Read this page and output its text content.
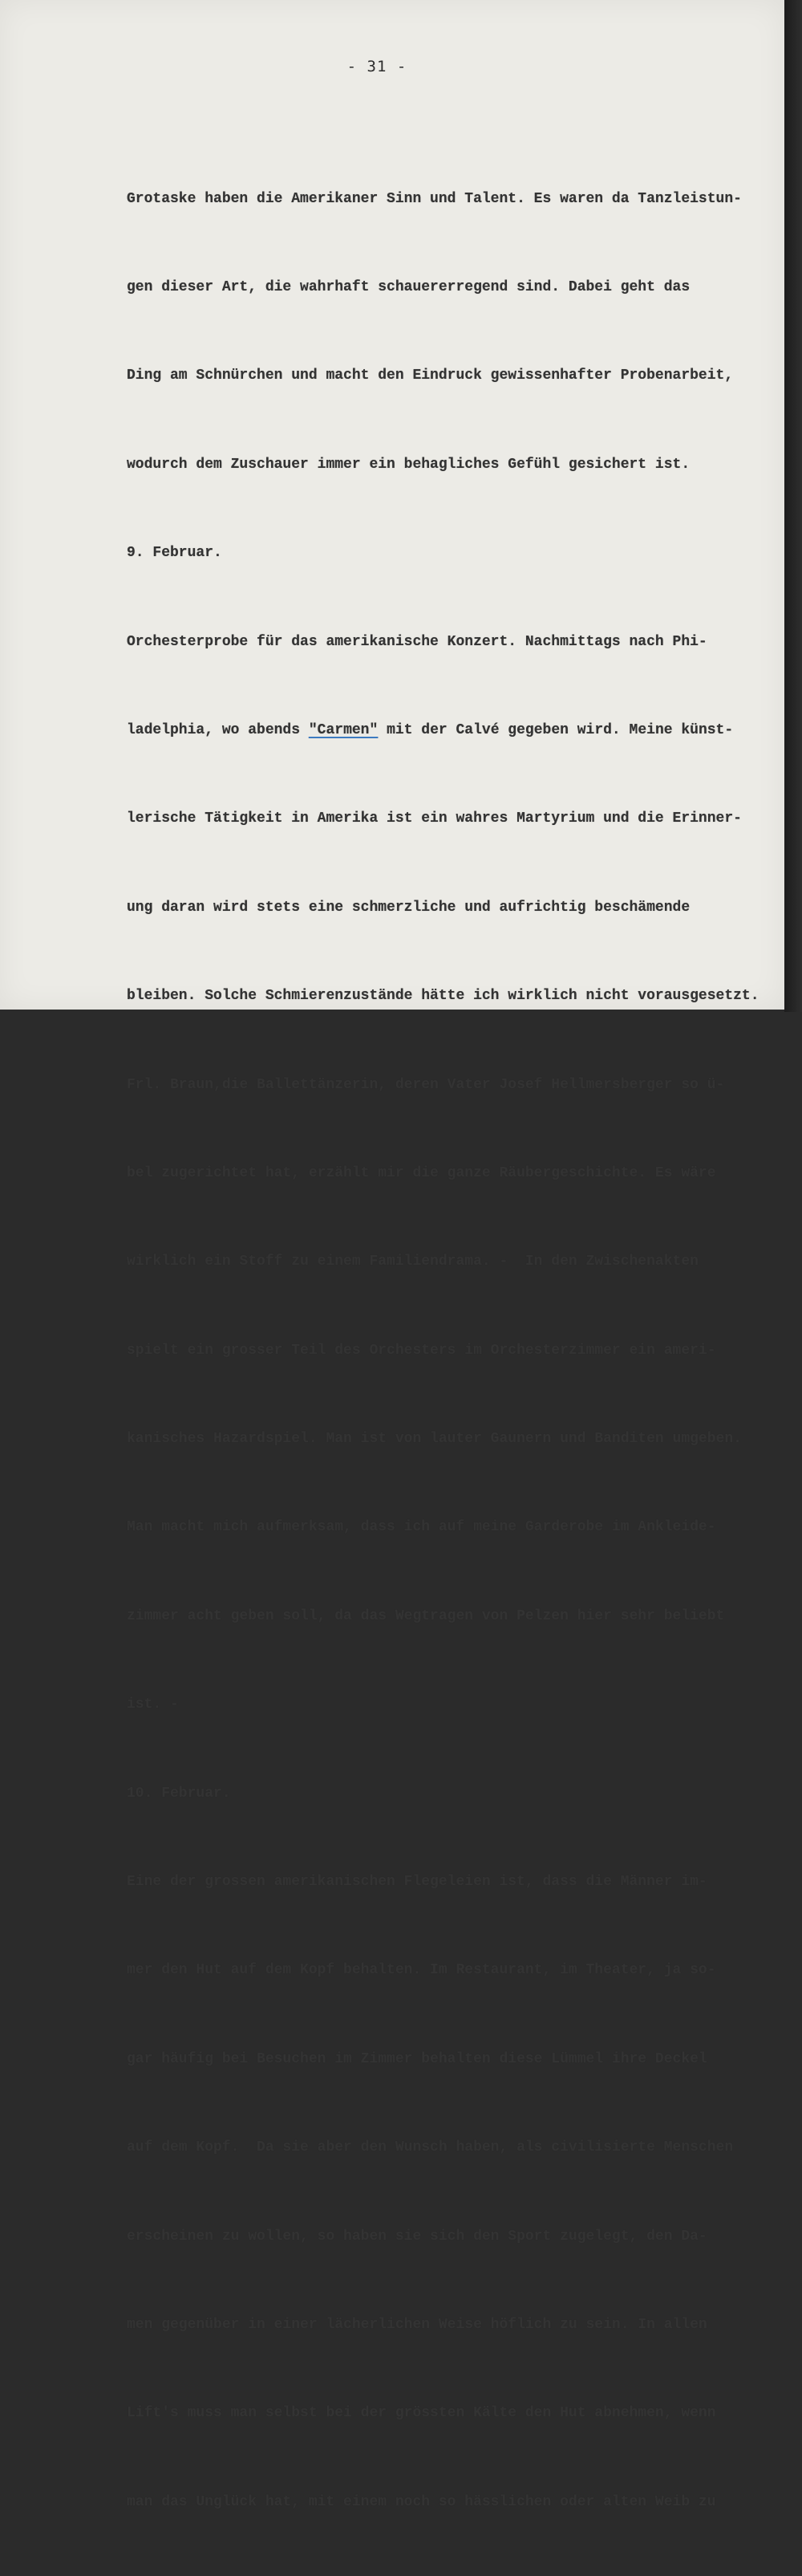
- 31 -

Grotaske haben die Amerikaner Sinn und Talent. Es waren da Tanzleistun-

gen dieser Art, die wahrhaft schauererregend sind. Dabei geht das

Ding am Schnürchen und macht den Eindruck gewissenhafter Probenarbeit,

wodurch dem Zuschauer immer ein behagliches Gefühl gesichert ist.

9. Februar.

Orchesterprobe für das amerikanische Konzert. Nachmittags nach Phi-

ladelphia, wo abends "Carmen" mit der Calvé gegeben wird. Meine künst-

lerische Tätigkeit in Amerika ist ein wahres Martyrium und die Erinner-

ung daran wird stets eine schmerzliche und aufrichtig beschämende

bleiben. Solche Schmierenzustände hätte ich wirklich nicht vorausgesetzt.

Frl. Braun,die Ballettänzerin, deren Vater Josef Hellmersberger so ü-

bel zugerichtet hat, erzählt mir die ganze Räubergeschichte. Es wäre

wirklich ein Stoff zu einem Familiendrama. -  In den Zwischenakten

spielt ein grosser Teil des Orchesters im Orchesterzimmer ein ameri-

kanisches Hazardspiel. Man ist von lauter Gaunern und Banditen umgeben.

Man macht mich aufmerksam, dass ich auf meine Garderobe im Ankleide-

zimmer acht geben soll, da das Wegtragen von Pelzen hier sehr beliebt

ist. -

10. Februar.

Eine der grossen amerikanischen Flegeleien ist, dass die Männer im-

mer den Hut auf dem Kopf behalten. Im Restaurant, im Theater, ja so-

gar häufig bei Besuchen im Zimmer behalten diese Lümmel ihre Deckel

auf dem Kopf.  Da sie aber den Wunsch haben, als civilisierte Menschen

erscheinen zu wollen, so haben sie sich den Sport zugelegt, den Da-

men gegenüber in einer lächerlichen Weise höflich zu sein. In allen

Lift's muss man selbst bei der grössten Kälte den Hut abnehmen, wenn

man das Unglück hat, mit einem noch so hässlichen oder alten Weib zu
